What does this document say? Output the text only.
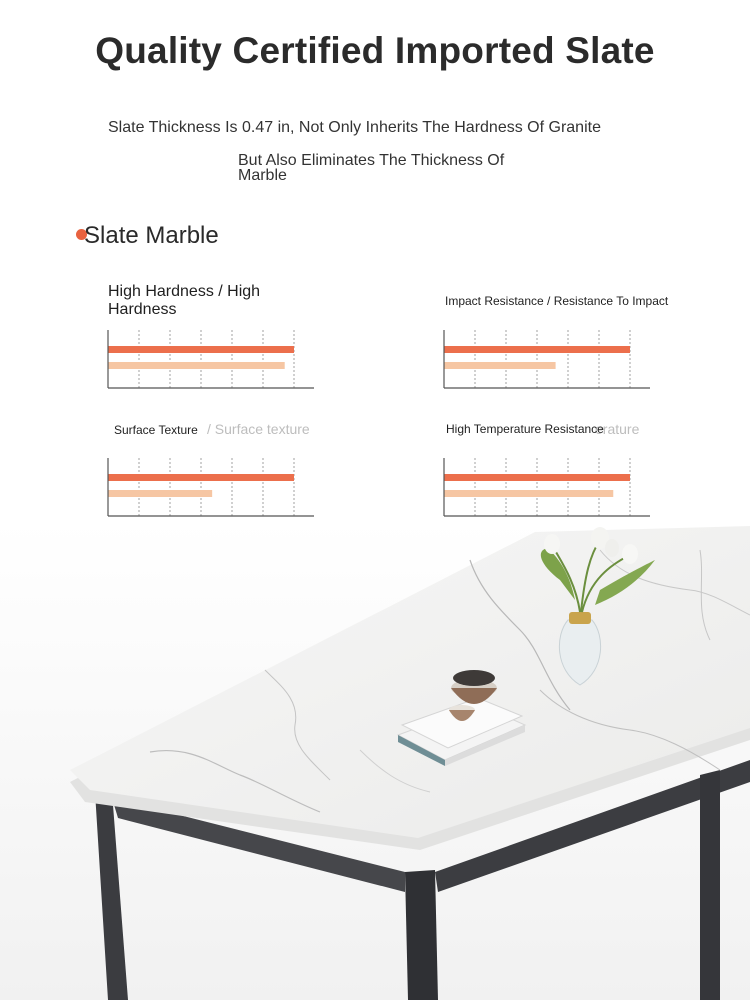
Quality Certified Imported Slate
Slate Thickness Is 0.47 in, Not Only Inherits The Hardness Of Granite
But Also Eliminates The Thickness Of Marble
Slate Marble
High Hardness / High Hardness	Impact Resistance / Resistance To Impact
/ Surface texture
Surface Texture	erature
High Temperature Resistance
